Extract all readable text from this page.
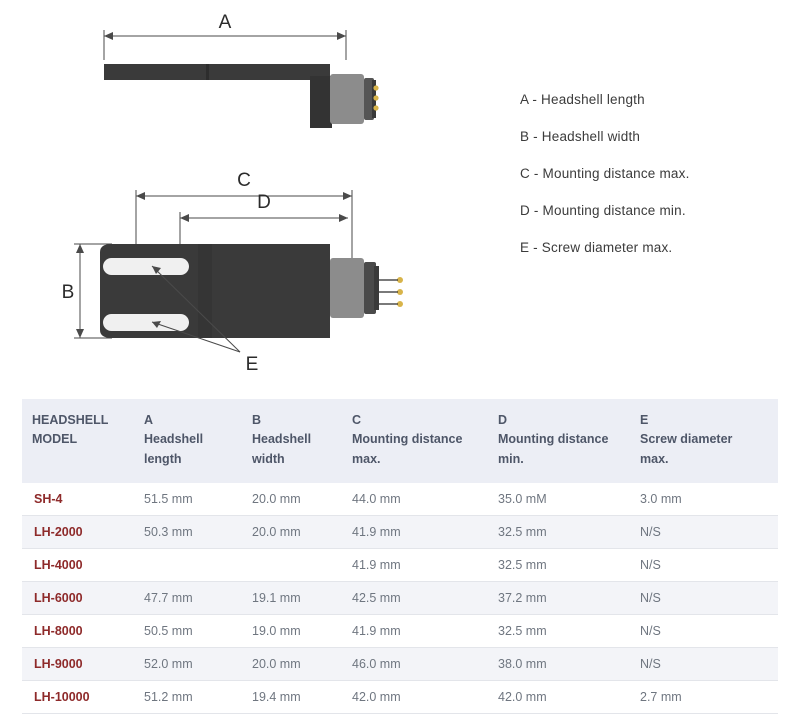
A
C
D
B
E
A - Headshell length
B - Headshell width
C - Mounting distance max.
D - Mounting distance min.
E - Screw diameter max.
HEADSHELL
MODEL	A
Headshell
length	B
Headshell
width	C
Mounting distance
max.	D
Mounting distance
min.	E
Screw diameter
max.

SH-4	51.5 mm	20.0 mm	44.0 mm	35.0 mM	3.0 mm
LH-2000	50.3 mm	20.0 mm	41.9 mm	32.5 mm	N/S
LH-4000			41.9 mm	32.5 mm	N/S
LH-6000	47.7 mm	19.1 mm	42.5 mm	37.2 mm	N/S
LH-8000	50.5 mm	19.0 mm	41.9 mm	32.5 mm	N/S
LH-9000	52.0 mm	20.0 mm	46.0 mm	38.0 mm	N/S
LH-10000	51.2 mm	19.4 mm	42.0 mm	42.0 mm	2.7 mm
